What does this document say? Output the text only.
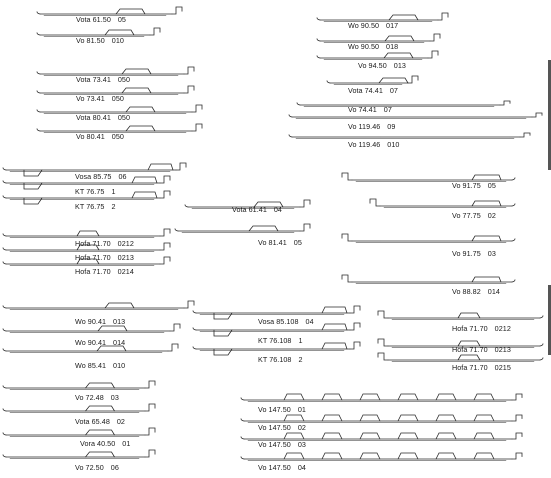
Vota 61.50 05
Vo 81.50 010
Vota 73.41 050
Vo 73.41 050
Vota 80.41 050
Vo 80.41 050
Wo 90.50 017
Wo 90.50 018
Vo 94.50 013
Vota 74.41 07
Vo 74.41 07
Vo 119.46 09
Vo 119.46 010
Vosa 85.75 06
KT 76.75 1
KT 76.75 2
Hofa 71.70 0212
Hofa 71.70 0213
Hofa 71.70 0214
Vota 61.41 04
Vo 81.41 05
Vo 91.75 05
Vo 77.75 02
Vo 91.75 03
Vo 88.82 014
Hofa 71.70 0212
Hofa 71.70 0213
Hofa 71.70 0215
Wo 90.41 013
Wo 90.41 014
Wo 85.41 010
Vosa 85.108 04
KT 76.108 1
KT 76.108 2
Vo 72.48 03
Vota 65.48 02
Vora 40.50 01
Vo 72.50 06
Vo 147.50 01
Vo 147.50 02
Vo 147.50 03
Vo 147.50 04
